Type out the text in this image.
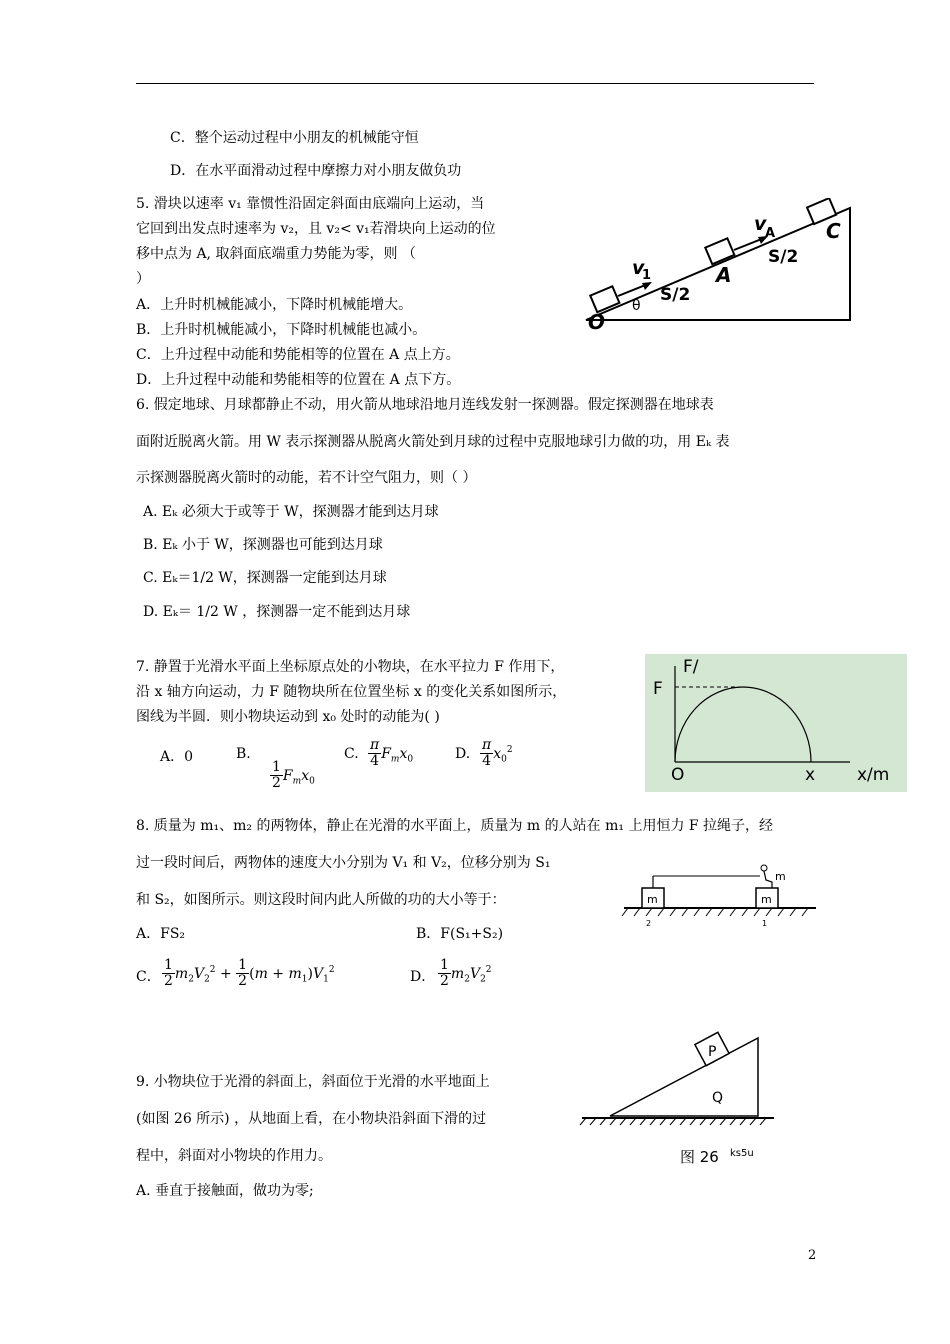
C．整个运动过程中小朋友的机械能守恒
D．在水平面滑动过程中摩擦力对小朋友做负功
5. 滑块以速率 v₁ 靠惯性沿固定斜面由底端向上运动，当
它回到出发点时速率为 v₂，且 v₂< v₁若滑块向上运动的位
移中点为 A, 取斜面底端重力势能为零，则 （
）
A．上升时机械能减小，下降时机械能增大。
B．上升时机械能减小，下降时机械能也减小。
C．上升过程中动能和势能相等的位置在 A 点上方。
D．上升过程中动能和势能相等的位置在 A 点下方。
v
1
v
A
S/2
S/2
O
A
C
θ
6. 假定地球、月球都静止不动，用火箭从地球沿地月连线发射一探测器。假定探测器在地球表
面附近脱离火箭。用 W 表示探测器从脱离火箭处到月球的过程中克服地球引力做的功，用 Eₖ 表
示探测器脱离火箭时的动能，若不计空气阻力，则（ ）
A. Eₖ 必须大于或等于 W，探测器才能到达月球
B. Eₖ 小于 W，探测器也可能到达月球
C. Eₖ＝1/2 W，探测器一定能到达月球
D. Eₖ＝ 1/2 W ，探测器一定不能到达月球
7. 静置于光滑水平面上坐标原点处的小物块，在水平拉力 F 作用下，
沿 x 轴方向运动，力 F 随物块所在位置坐标 x 的变化关系如图所示，
图线为半圆．则小物块运动到 x₀ 处时的动能为( )
A．0	B.
$\frac{1}{2} F_mx_0$
C. $\frac{\pi}{4} F_mx_0$	D. $\frac{\pi}{4} x_0^2$
F/
F
O	x x/m
8. 质量为 m₁、m₂ 的两物体，静止在光滑的水平面上，质量为 m 的人站在 m₁ 上用恒力 F 拉绳子，经
过一段时间后，两物体的速度大小分别为 V₁ 和 V₂，位移分别为 S₁
和 S₂，如图所示。则这段时间内此人所做的功的大小等于：
A．FS₂	B．F(S₁+S₂)
C． $\frac{1}{2} m_2V_2^2 + \frac{1}{2} (m + m_1)V_1^2$	D． $\frac{1}{2} m_2V_2^2$
m
m	m
2	1
9. 小物块位于光滑的斜面上，斜面位于光滑的水平地面上
(如图 26 所示) ，从地面上看，在小物块沿斜面下滑的过
程中，斜面对小物块的作用力。
A. 垂直于接触面，做功为零;
P
Q
图 26 ks5u
2
